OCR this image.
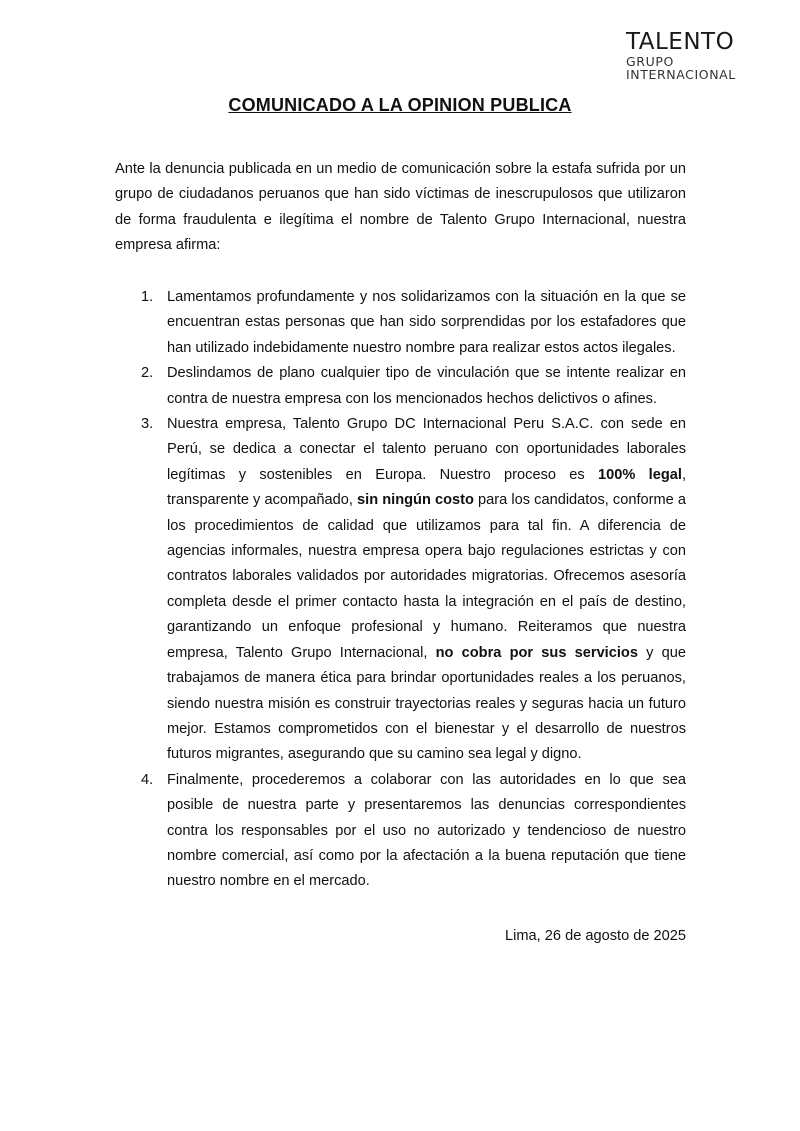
TALENTO
GRUPO
INTERNACIONAL
COMUNICADO A LA OPINION PUBLICA

Ante la denuncia publicada en un medio de comunicación sobre la estafa sufrida por un grupo de ciudadanos peruanos que han sido víctimas de inescrupulosos que utilizaron de forma fraudulenta e ilegítima el nombre de Talento Grupo Internacional, nuestra empresa afirma:

1. Lamentamos profundamente y nos solidarizamos con la situación en la que se encuentran estas personas que han sido sorprendidas por los estafadores que han utilizado indebidamente nuestro nombre para realizar estos actos ilegales.
2. Deslindamos de plano cualquier tipo de vinculación que se intente realizar en contra de nuestra empresa con los mencionados hechos delictivos o afines.
3. Nuestra empresa, Talento Grupo DC Internacional Peru S.A.C. con sede en Perú, se dedica a conectar el talento peruano con oportunidades laborales legítimas y sostenibles en Europa. Nuestro proceso es 100% legal, transparente y acompañado, sin ningún costo para los candidatos, conforme a los procedimientos de calidad que utilizamos para tal fin. A diferencia de agencias informales, nuestra empresa opera bajo regulaciones estrictas y con contratos laborales validados por autoridades migratorias. Ofrecemos asesoría completa desde el primer contacto hasta la integración en el país de destino, garantizando un enfoque profesional y humano. Reiteramos que nuestra empresa, Talento Grupo Internacional, no cobra por sus servicios y que trabajamos de manera ética para brindar oportunidades reales a los peruanos, siendo nuestra misión es construir trayectorias reales y seguras hacia un futuro mejor. Estamos comprometidos con el bienestar y el desarrollo de nuestros futuros migrantes, asegurando que su camino sea legal y digno.
4. Finalmente, procederemos a colaborar con las autoridades en lo que sea posible de nuestra parte y presentaremos las denuncias correspondientes contra los responsables por el uso no autorizado y tendencioso de nuestro nombre comercial, así como por la afectación a la buena reputación que tiene nuestro nombre en el mercado.
Lima, 26 de agosto de 2025
